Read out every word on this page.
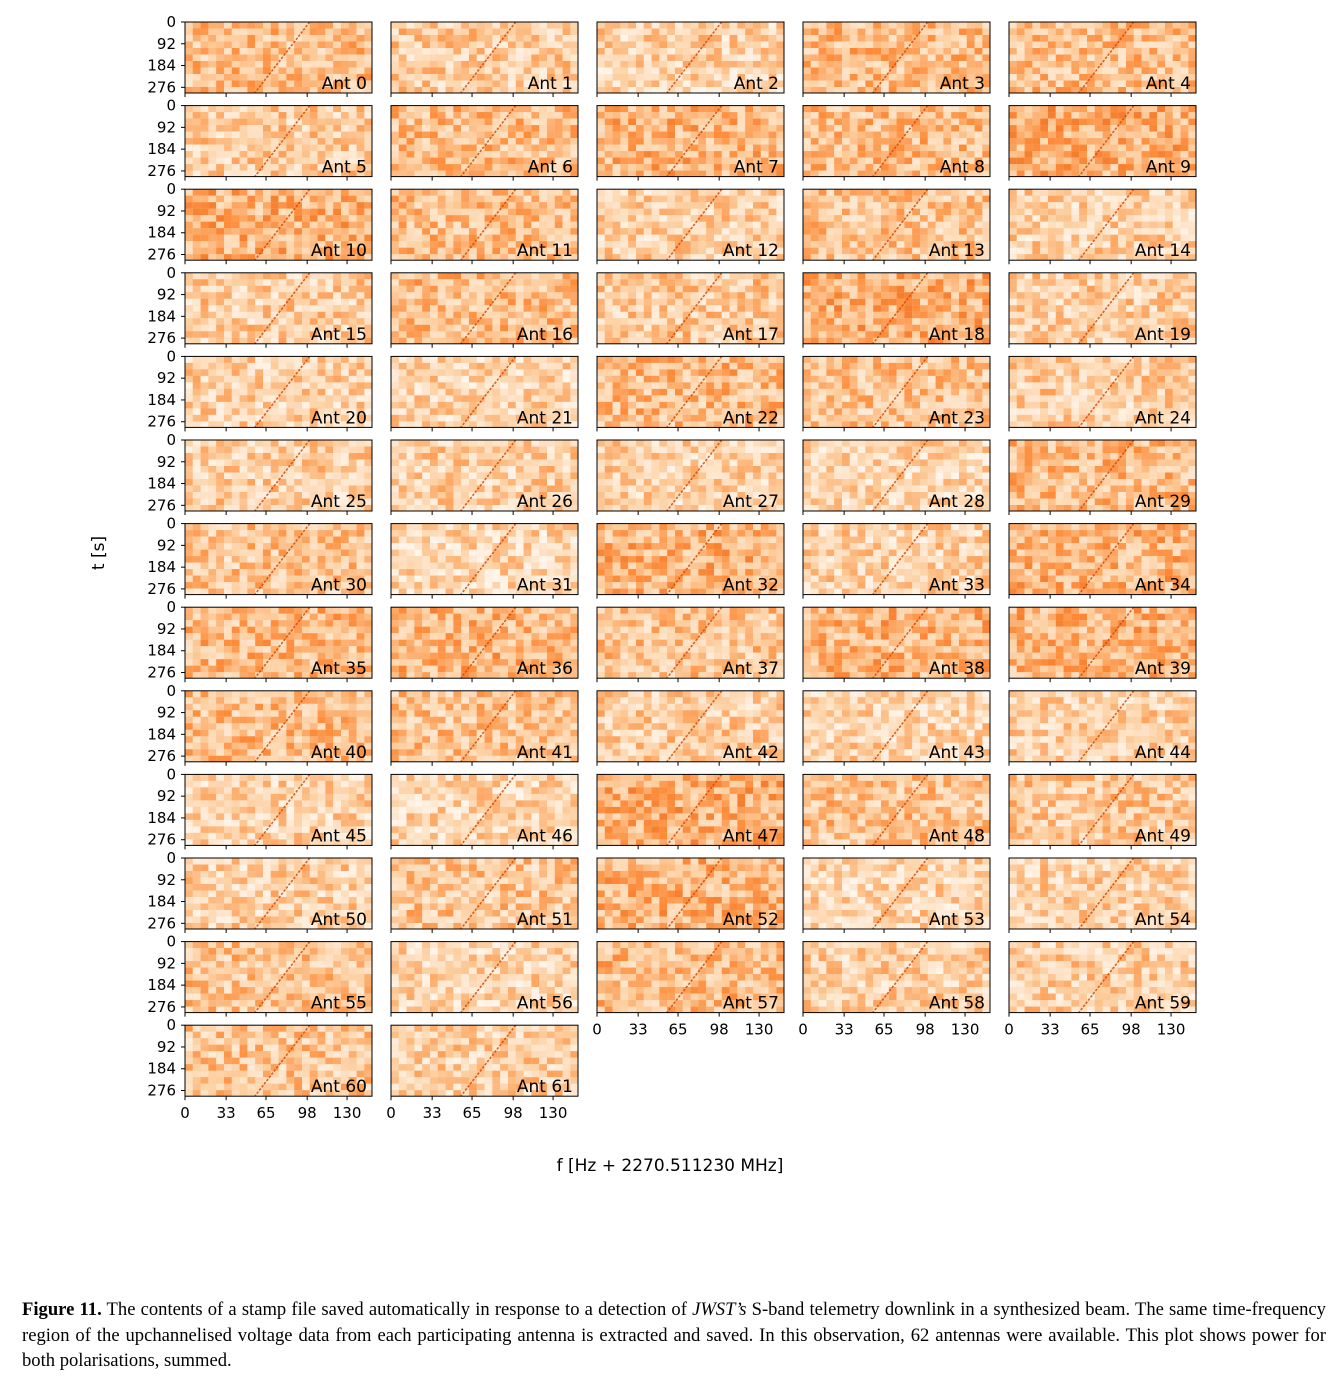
Ant 0
0
92
184
276	Ant 1	Ant 2	Ant 3	Ant 4
Ant 5
0
92
184
276	Ant 6	Ant 7	Ant 8	Ant 9
Ant 10
0
92
184
276	Ant 11	Ant 12	Ant 13	Ant 14
Ant 15
0
92
184
276	Ant 16	Ant 17	Ant 18	Ant 19
Ant 20
0
92
184
276	Ant 21	Ant 22	Ant 23	Ant 24
Ant 25
0
92
184
276	Ant 26	Ant 27	Ant 28	Ant 29
Ant 30
0
92
184
276	Ant 31	Ant 32	Ant 33	Ant 34
Ant 35
0
92
184
276	Ant 36	Ant 37	Ant 38	Ant 39
Ant 40
0
92
184
276	Ant 41	Ant 42	Ant 43	Ant 44
Ant 45
0
92
184
276	Ant 46	Ant 47	Ant 48	Ant 49
Ant 50
0
92
184
276	Ant 51	Ant 52	Ant 53	Ant 54
Ant 55
0
92
184
276	Ant 56	Ant 57
0 33 65 98 130
Ant 58
0 33 65 98 130
Ant 59
0 33 65 98 130
Ant 60
0
92
184
276
0 33 65 98 130
Ant 61
0 33 65 98 130
t [s]
f [Hz + 2270.511230 MHz]
Figure 11. The contents of a stamp file saved automatically in response to a detection of JWST’s S-band telemetry downlink in a synthesized beam. The same time-frequency region of the upchannelised voltage data from each participating antenna is extracted and saved. In this observation, 62 antennas were available. This plot shows power for both polarisations, summed.
